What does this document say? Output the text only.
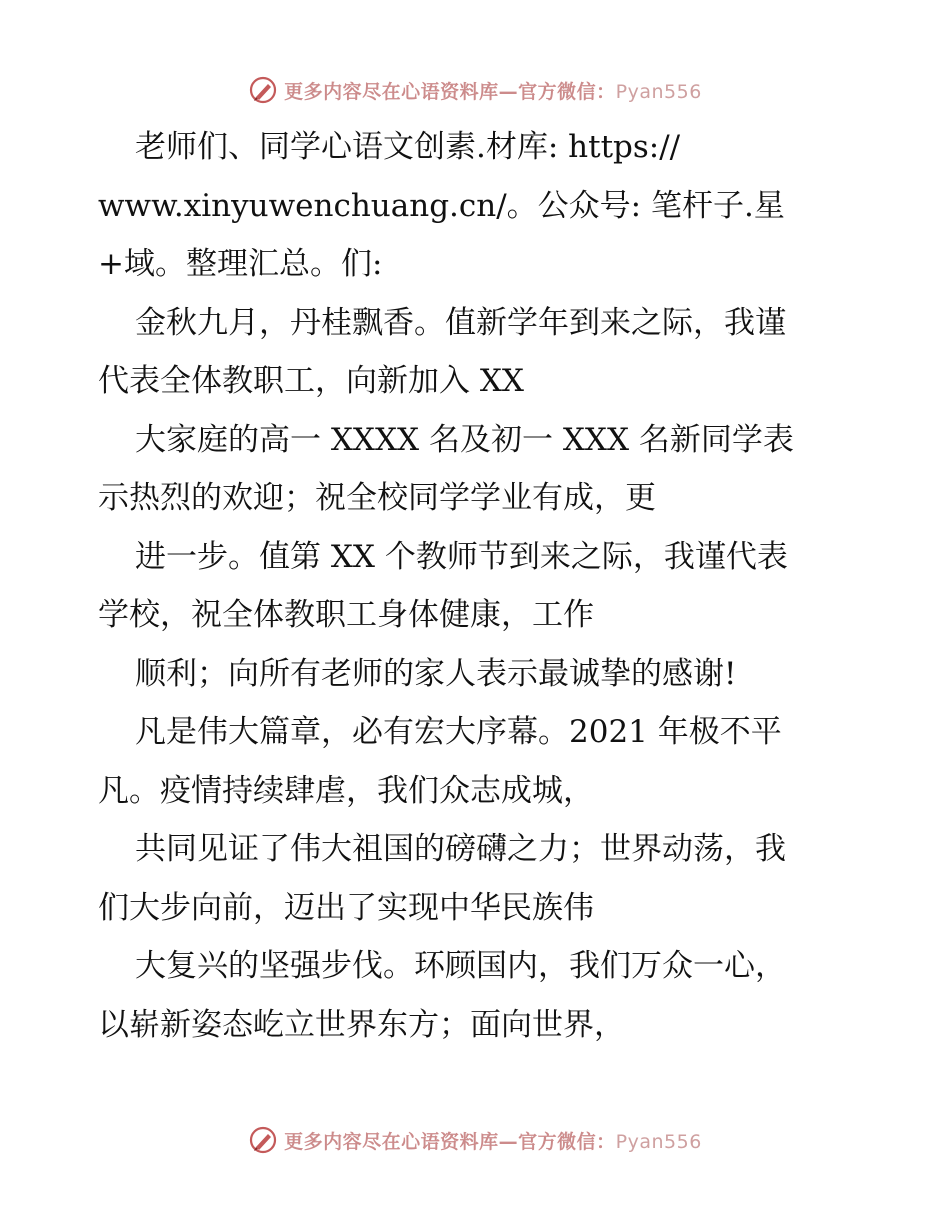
更多内容尽在心语资料库—官方微信：Pyan556
老师们、同学心语文创素.材库: https://
www.xinyuwenchuang.cn/。公众号: 笔杆子.星
+域。整理汇总。们:
金秋九月，丹桂飘香。值新学年到来之际，我谨
代表全体教职工，向新加入 XX
大家庭的高一 XXXX 名及初一 XXX 名新同学表
示热烈的欢迎；祝全校同学学业有成，更
进一步。值第 XX 个教师节到来之际，我谨代表
学校，祝全体教职工身体健康，工作
顺利；向所有老师的家人表示最诚挚的感谢!
凡是伟大篇章，必有宏大序幕。2021 年极不平
凡。疫情持续肆虐，我们众志成城，
共同见证了伟大祖国的磅礴之力；世界动荡，我
们大步向前，迈出了实现中华民族伟
大复兴的坚强步伐。环顾国内，我们万众一心，
以崭新姿态屹立世界东方；面向世界，
更多内容尽在心语资料库—官方微信：Pyan556
